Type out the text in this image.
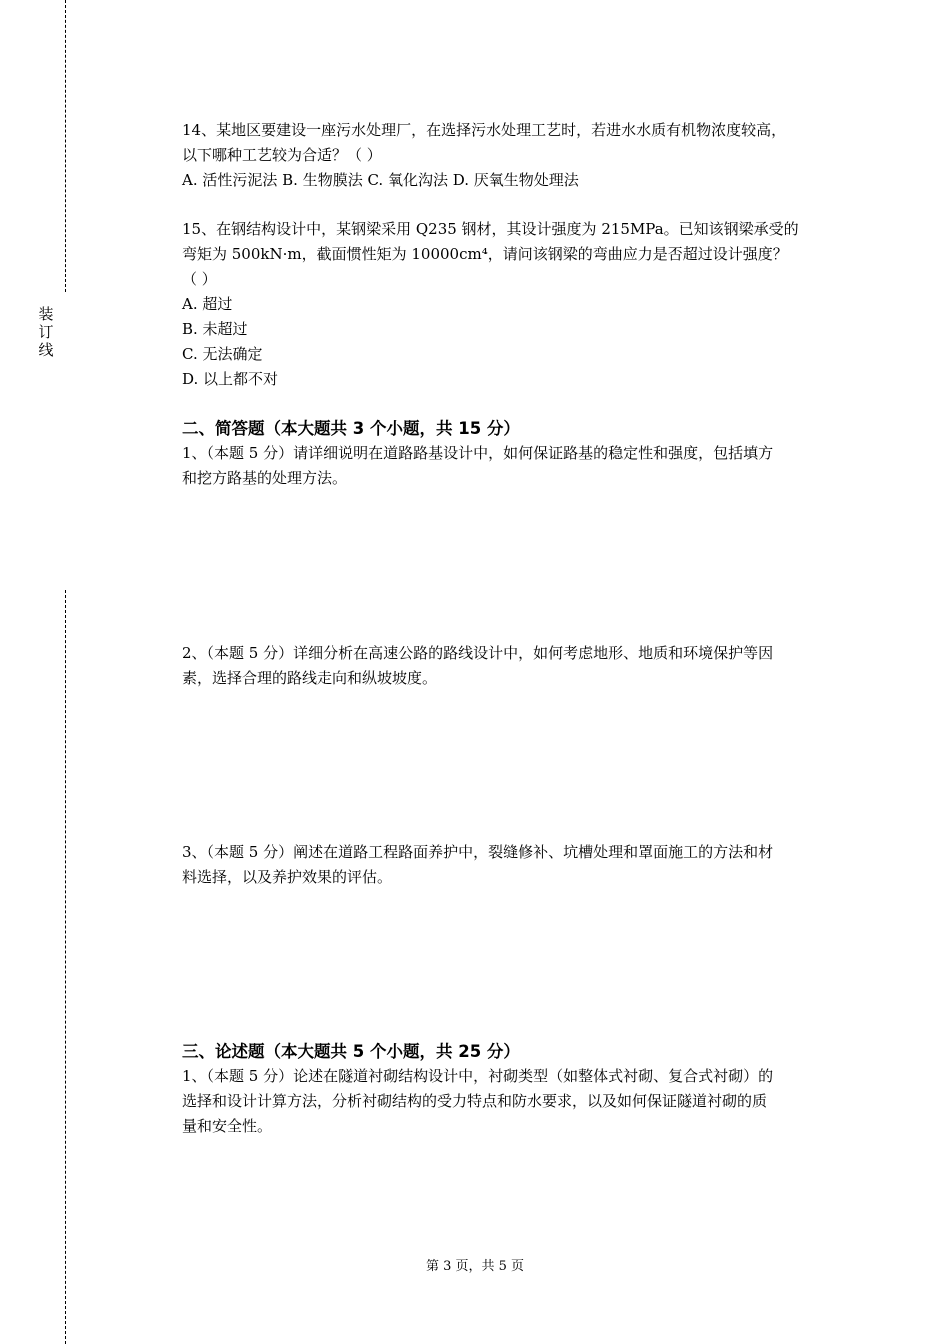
装订线
14、某地区要建设一座污水处理厂，在选择污水处理工艺时，若进水水质有机物浓度较高，
以下哪种工艺较为合适？（ ）
A. 活性污泥法 B. 生物膜法 C. 氧化沟法 D. 厌氧生物处理法
15、在钢结构设计中，某钢梁采用 Q235 钢材，其设计强度为 215MPa。已知该钢梁承受的
弯矩为 500kN·m，截面惯性矩为 10000cm⁴，请问该钢梁的弯曲应力是否超过设计强度？
（ ）
A. 超过
B. 未超过
C. 无法确定
D. 以上都不对
二、简答题（本大题共 3 个小题，共 15 分）
1、（本题 5 分）请详细说明在道路路基设计中，如何保证路基的稳定性和强度，包括填方
和挖方路基的处理方法。
2、（本题 5 分）详细分析在高速公路的路线设计中，如何考虑地形、地质和环境保护等因
素，选择合理的路线走向和纵坡坡度。
3、（本题 5 分）阐述在道路工程路面养护中，裂缝修补、坑槽处理和罩面施工的方法和材
料选择，以及养护效果的评估。
三、论述题（本大题共 5 个小题，共 25 分）
1、（本题 5 分）论述在隧道衬砌结构设计中，衬砌类型（如整体式衬砌、复合式衬砌）的
选择和设计计算方法，分析衬砌结构的受力特点和防水要求，以及如何保证隧道衬砌的质
量和安全性。
第 3 页，共 5 页
